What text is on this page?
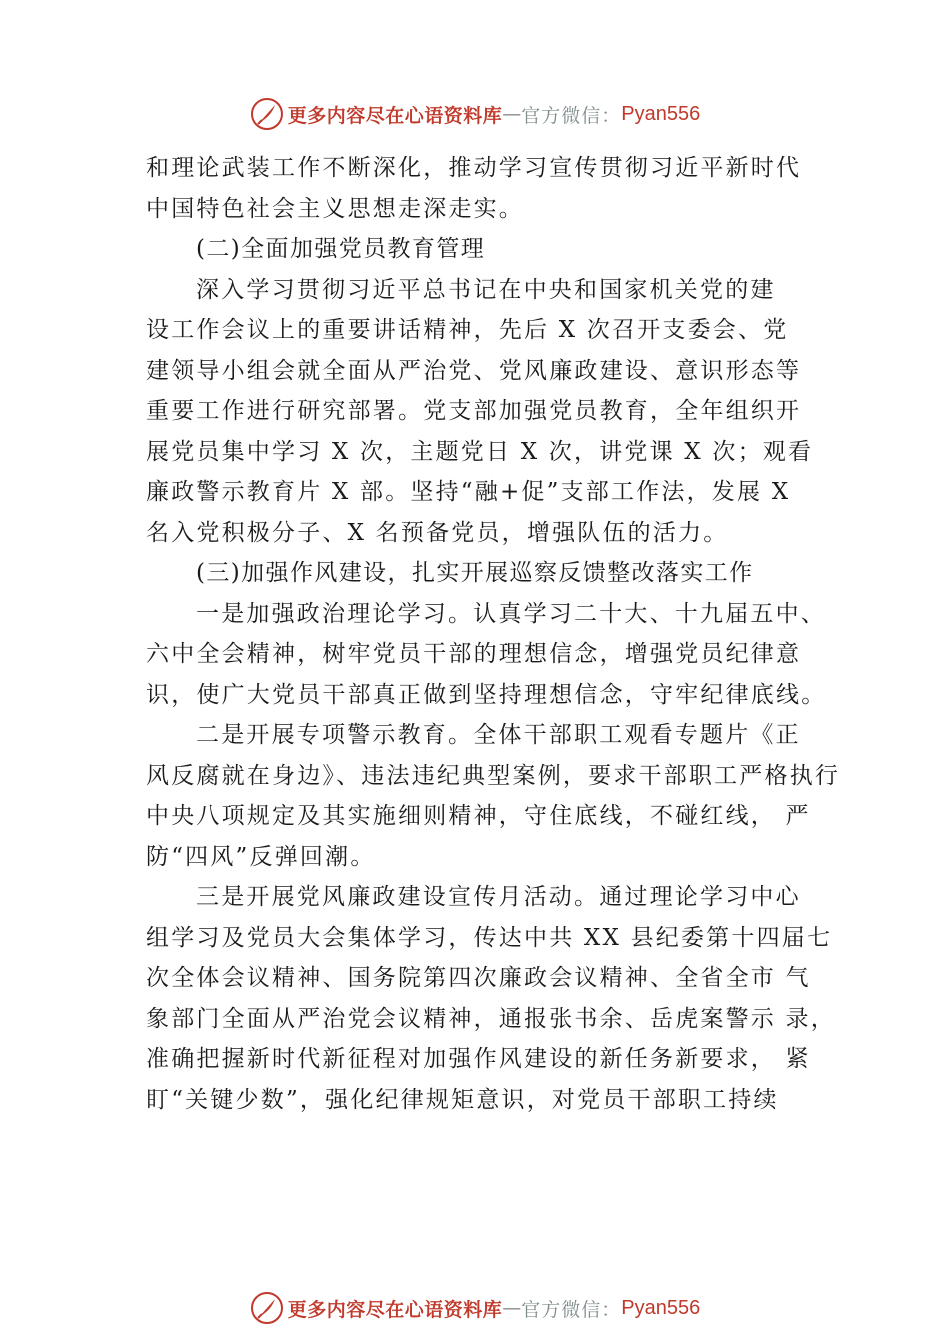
更多内容尽在心语资料库 — 官方微信： Pyan556
和理论武装工作不断深化，推动学习宣传贯彻习近平新时代
中国特色社会主义思想走深走实。
(二)全面加强党员教育管理
深入学习贯彻习近平总书记在中央和国家机关党的建
设工作会议上的重要讲话精神，先后 X 次召开支委会、党
建领导小组会就全面从严治党、党风廉政建设、意识形态等
重要工作进行研究部署。党支部加强党员教育，全年组织开
展党员集中学习 X 次，主题党日 X 次，讲党课 X 次；观看
廉政警示教育片 X 部。坚持“融+促”支部工作法，发展 X
名入党积极分子、X 名预备党员，增强队伍的活力。
(三)加强作风建设，扎实开展巡察反馈整改落实工作
一是加强政治理论学习。认真学习二十大、十九届五中、
六中全会精神，树牢党员干部的理想信念，增强党员纪律意
识，使广大党员干部真正做到坚持理想信念，守牢纪律底线。
二是开展专项警示教育。全体干部职工观看专题片《正
风反腐就在身边》、违法违纪典型案例，要求干部职工严格执行
中央八项规定及其实施细则精神，守住底线，不碰红线， 严
防“四风”反弹回潮。
三是开展党风廉政建设宣传月活动。通过理论学习中心
组学习及党员大会集体学习，传达中共 XX 县纪委第十四届七
次全体会议精神、国务院第四次廉政会议精神、全省全市 气
象部门全面从严治党会议精神，通报张书余、岳虎案警示 录，
准确把握新时代新征程对加强作风建设的新任务新要求， 紧
盯“关键少数”，强化纪律规矩意识，对党员干部职工持续
更多内容尽在心语资料库 — 官方微信： Pyan556
